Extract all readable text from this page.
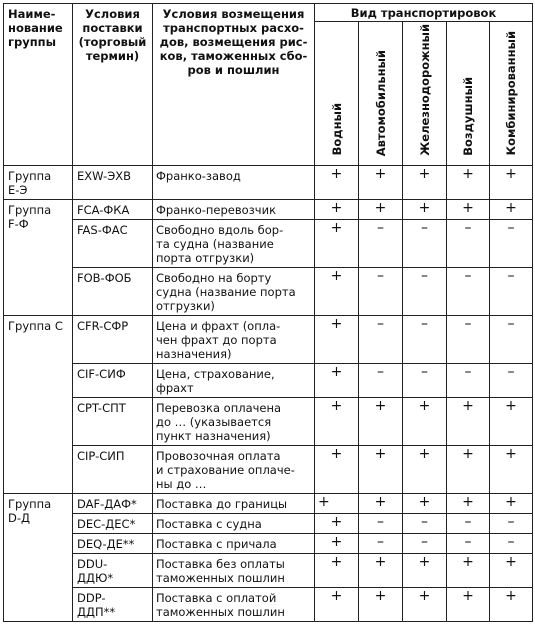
Наиме-
нование
группы	Условия
поставки
(торговый
термин)	Условия возмещения
транспортных расхо-
дов, возмещения рис-
ков, таможенных сбо-
ров и пошлин	Вид транспортировок				
			Водный	Автомобильный	Железнодорожный	Воздушный	Комбинированный
Группа
Е-Э	EXW-ЭХВ	Франко-завод	+	+	+	+	+
Группа
F-Ф	FCA-ФКА	Франко-перевозчик	+	+	+	+	+
	FAS-ФАС	Свободно вдоль бор-
та судна (название
порта отгрузки)	+	–	–	–	–
	FOB-ФОБ	Свободно на борту
судна (название порта
отгрузки)	+	–	–	–	–
Группа С	CFR-СФР	Цена и фрахт (опла-
чен фрахт до порта
назначения)	+	–	–	–	–
	CIF-СИФ	Цена, страхование,
фрахт	+	–	–	–	–
	CPT-СПТ	Перевозка оплачена
до … (указывается
пункт назначения)	+	+	+	+	+
	CIP-СИП	Провозочная оплата
и страхование оплаче-
ны до …	+	+	+	+	+
Группа
D-Д	DAF-ДАФ*	Поставка до границы	+	+	+	+	+
	DEC-ДЕС*	Поставка с судна	+	–	–	–	–
	DEQ-ДЕ**	Поставка с причала	+	–	–	–	–
	DDU-
ДДЮ*	Поставка без оплаты
таможенных пошлин	+	+	+	+	+
	DDP-
ДДП**	Поставка с оплатой
таможенных пошлин	+	+	+	+	+
